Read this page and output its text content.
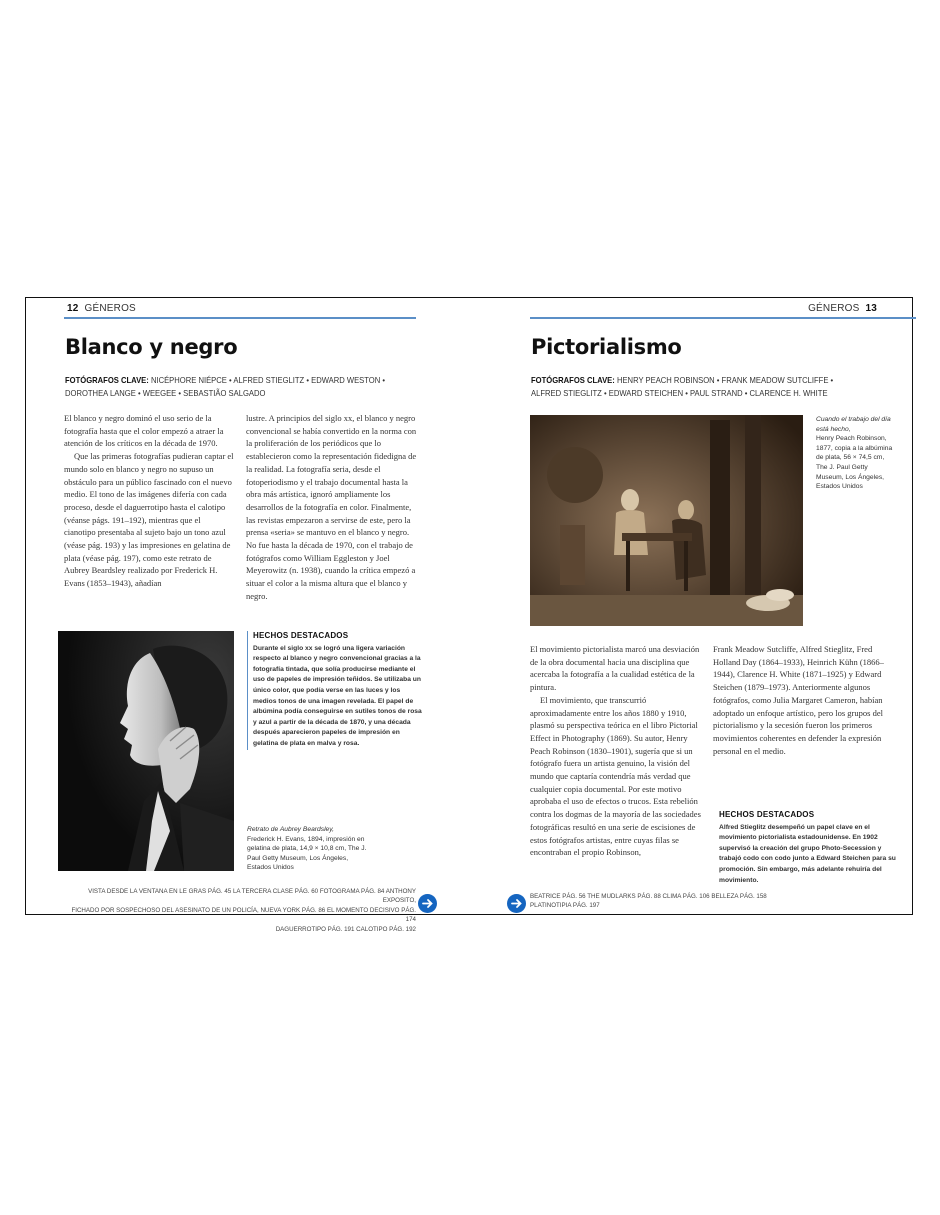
12 GÉNEROS
Blanco y negro
FOTÓGRAFOS CLAVE: NICÉPHORE NIÉPCE • ALFRED STIEGLITZ • EDWARD WESTON •
DOROTHEA LANGE • WEEGEE • SEBASTIÃO SALGADO

El blanco y negro dominó el uso serio de la fotografía hasta que el color empezó a atraer la atención de los críticos en la década de 1970.

Que las primeras fotografías pudieran captar el mundo solo en blanco y negro no supuso un obstáculo para un público fascinado con el nuevo medio. El tono de las imágenes difería con cada proceso, desde el daguerrotipo hasta el calotipo (véanse págs. 191–192), mientras que el cianotipo presentaba al sujeto bajo un tono azul (véase pág. 193) y las impresiones en gelatina de plata (véase pág. 197), como este retrato de Aubrey Beardsley realizado por Frederick H. Evans (1853–1943), añadían

lustre. A principios del siglo xx, el blanco y negro convencional se había convertido en la norma con la proliferación de los periódicos que lo establecieron como la representación fidedigna de la realidad. La fotografía seria, desde el fotoperiodismo y el trabajo documental hasta la obra más artística, ignoró ampliamente los desarrollos de la fotografía en color. Finalmente, las revistas empezaron a servirse de este, pero la prensa «seria» se mantuvo en el blanco y negro. No fue hasta la década de 1970, con el trabajo de fotógrafos como William Eggleston y Joel Meyerowitz (n. 1938), cuando la crítica empezó a situar el color a la misma altura que el blanco y negro.

HECHOS DESTACADOS
Durante el siglo xx se logró una ligera variación respecto al blanco y negro convencional gracias a la fotografía tintada, que solía producirse mediante el uso de papeles de impresión teñidos. Se utilizaba un único color, que podía verse en las luces y los medios tonos de una imagen revelada. El papel de albúmina podía conseguirse en sutiles tonos de rosa y azul a partir de la década de 1870, y una década después aparecieron papeles de impresión en gelatina de plata en malva y rosa.
Retrato de Aubrey Beardsley,
Frederick H. Evans, 1894, impresión en gelatina de plata, 14,9 × 10,8 cm, The J. Paul Getty Museum, Los Ángeles, Estados Unidos
VISTA DESDE LA VENTANA EN LE GRAS PÁG. 45 LA TERCERA CLASE PÁG. 60 FOTOGRAMA PÁG. 84 ANTHONY EXPOSITO,
FICHADO POR SOSPECHOSO DEL ASESINATO DE UN POLICÍA, NUEVA YORK PÁG. 86 EL MOMENTO DECISIVO PÁG. 174
DAGUERROTIPO PÁG. 191 CALOTIPO PÁG. 192
GÉNEROS 13
Pictorialismo
FOTÓGRAFOS CLAVE: HENRY PEACH ROBINSON • FRANK MEADOW SUTCLIFFE •
ALFRED STIEGLITZ • EDWARD STEICHEN • PAUL STRAND • CLARENCE H. WHITE
Cuando el trabajo del día está hecho,
Henry Peach Robinson, 1877, copia a la albúmina de plata, 56 × 74,5 cm, The J. Paul Getty Museum, Los Ángeles, Estados Unidos

El movimiento pictorialista marcó una desviación de la obra documental hacia una disciplina que acercaba la fotografía a la cualidad estética de la pintura.

El movimiento, que transcurrió aproximadamente entre los años 1880 y 1910, plasmó su perspectiva teórica en el libro Pictorial Effect in Photography (1869). Su autor, Henry Peach Robinson (1830–1901), sugería que si un fotógrafo fuera un artista genuino, la visión del mundo que captaría contendría más verdad que cualquier copia documental. Por este motivo aprobaba el uso de efectos o trucos. Esta rebelión contra los dogmas de la mayoría de las sociedades fotográficas resultó en una serie de escisiones de estos fotógrafos artistas, entre cuyas filas se encontraban el propio Robinson,

Frank Meadow Sutcliffe, Alfred Stieglitz, Fred Holland Day (1864–1933), Heinrich Kühn (1866–1944), Clarence H. White (1871–1925) y Edward Steichen (1879–1973). Anteriormente algunos fotógrafos, como Julia Margaret Cameron, habían adoptado un enfoque artístico, pero los grupos del pictorialismo y la secesión fueron los primeros movimientos coherentes en defender la expresión personal en el medio.

HECHOS DESTACADOS
Alfred Stieglitz desempeñó un papel clave en el movimiento pictorialista estadounidense. En 1902 supervisó la creación del grupo Photo-Secession y trabajó codo con codo junto a Edward Steichen para su promoción. Sin embargo, más adelante rehuiría del movimiento.
BEATRICE PÁG. 56 THE MUDLARKS PÁG. 88 CLIMA PÁG. 106 BELLEZA PÁG. 158
PLATINOTIPIA PÁG. 197
